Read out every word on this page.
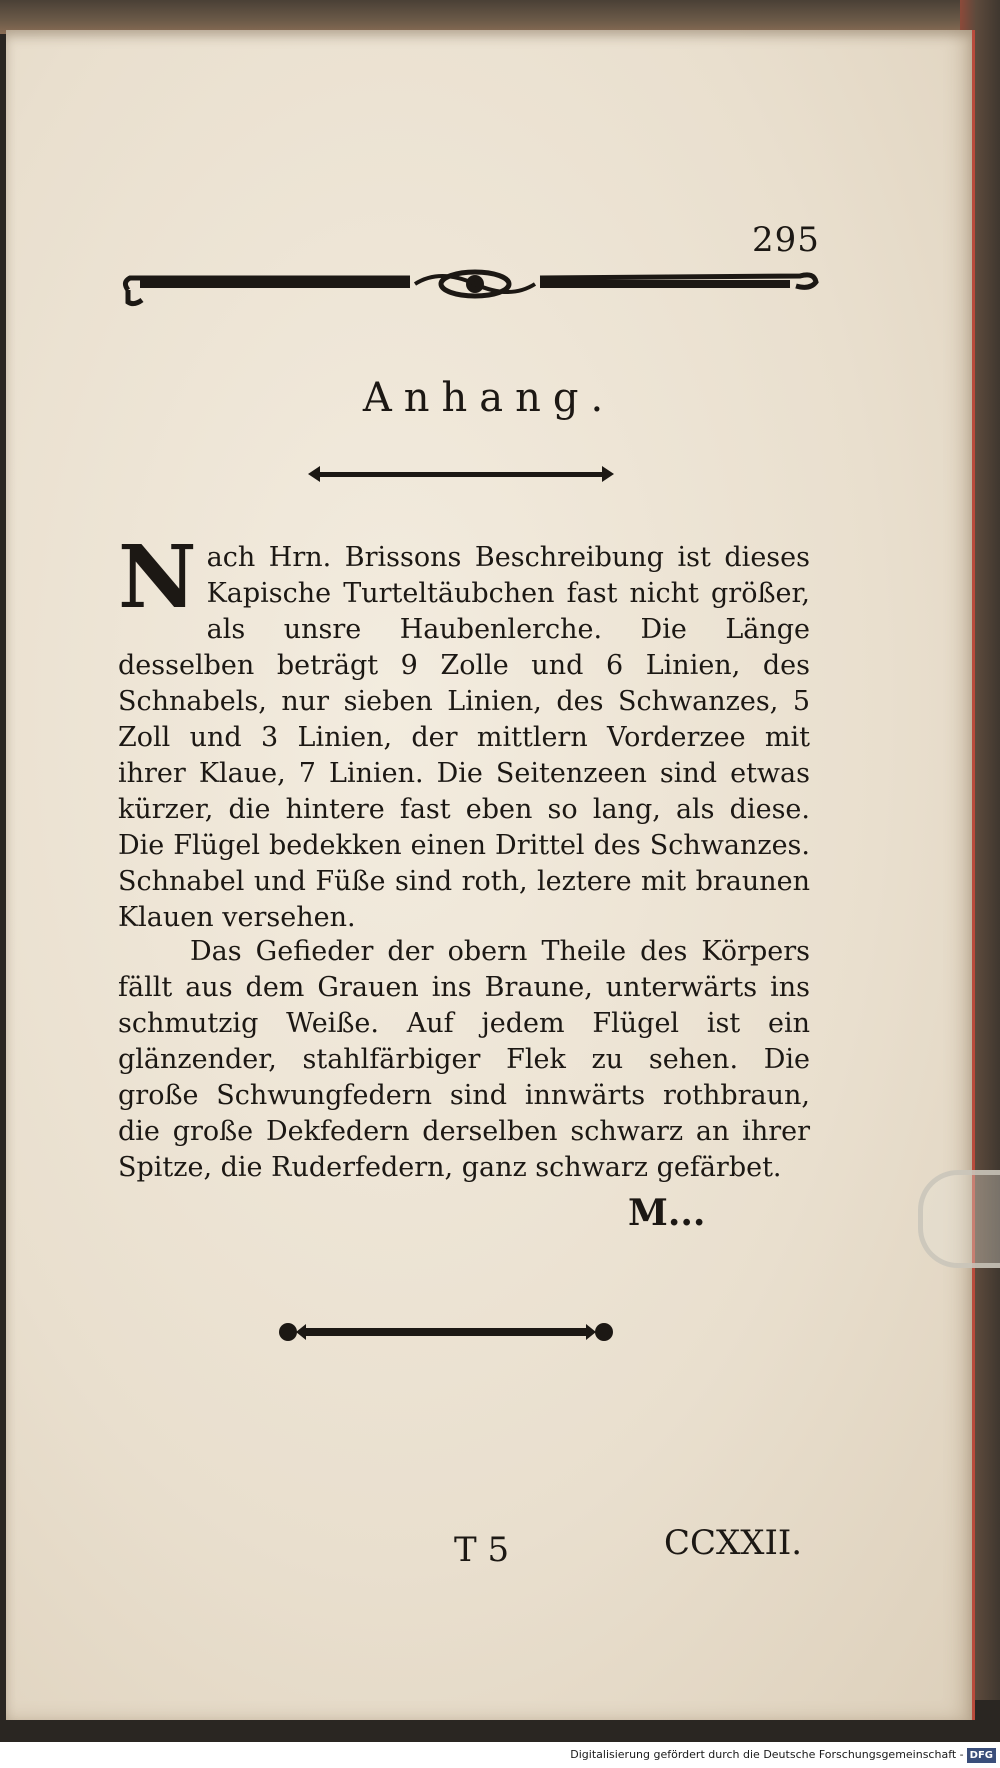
295
Anhang.

N ach Hrn. Brissons Beschreibung ist dieses Kapische Turteltäubchen fast nicht größer, als unsre Haubenlerche. Die Länge desselben beträgt 9 Zolle und 6 Linien, des Schnabels, nur sieben Linien, des Schwanzes, 5 Zoll und 3 Linien, der mittlern Vorderzee mit ihrer Klaue, 7 Linien. Die Seitenzeen sind etwas kürzer, die hintere fast eben so lang, als diese. Die Flügel bedekken einen Drittel des Schwanzes. Schnabel und Füße sind roth, leztere mit braunen Klauen versehen.
Das Gefieder der obern Theile des Körpers fällt aus dem Grauen ins Braune, unterwärts ins schmutzig Weiße. Auf jedem Flügel ist ein glänzender, stahlfärbiger Flek zu sehen. Die große Schwungfedern sind innwärts rothbraun, die große Dekfedern derselben schwarz an ihrer Spitze, die Ruderfedern, ganz schwarz gefärbet.
M...
T 5	CCXXII.
Digitalisierung gefördert durch die Deutsche Forschungsgemeinschaft - DFG
